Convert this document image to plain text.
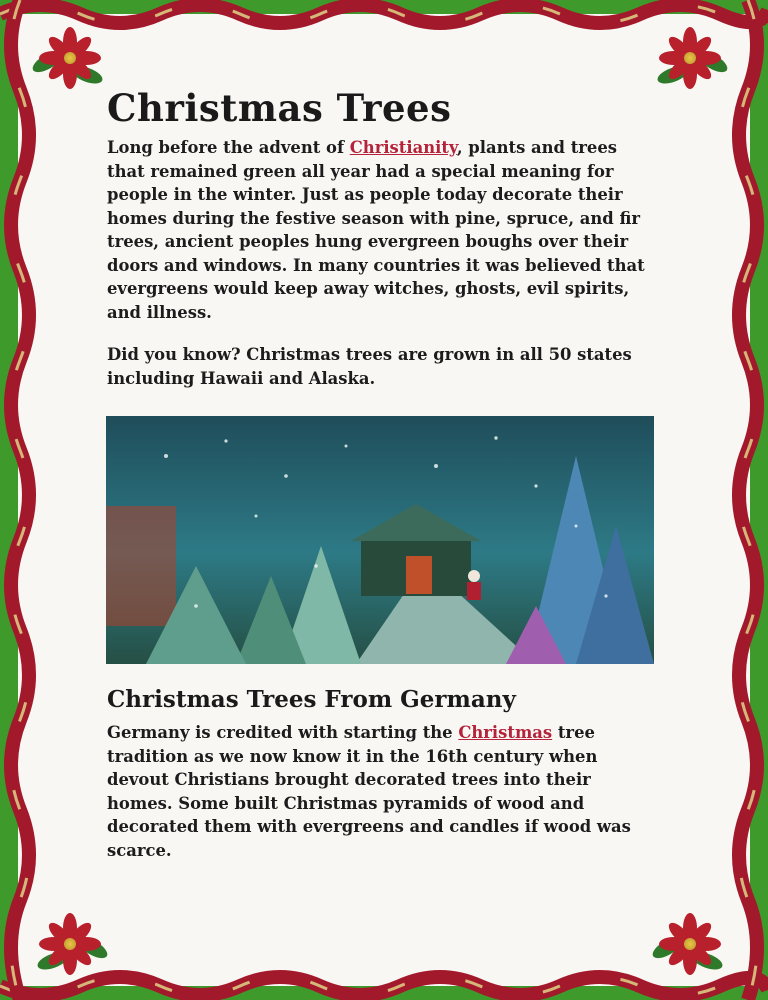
Christmas Trees

Long before the advent of Christianity, plants and trees that remained green all year had a special meaning for people in the winter. Just as people today decorate their homes during the festive season with pine, spruce, and fir trees, ancient peoples hung evergreen boughs over their doors and windows. In many countries it was believed that evergreens would keep away witches, ghosts, evil spirits, and illness.

Did you know? Christmas trees are grown in all 50 states including Hawaii and Alaska.

Christmas Trees From Germany

Germany is credited with starting the Christmas tree tradition as we now know it in the 16th century when devout Christians brought decorated trees into their homes. Some built Christmas pyramids of wood and decorated them with evergreens and candles if wood was scarce.
